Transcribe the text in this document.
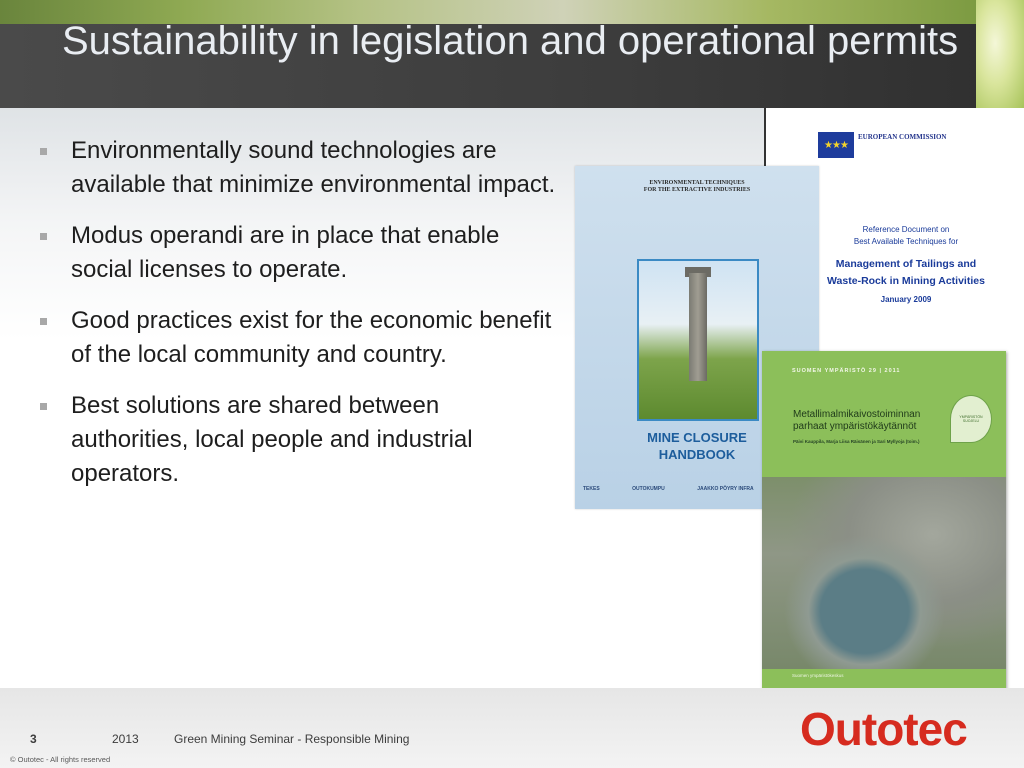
Sustainability in legislation and operational permits
Environmentally sound technologies are available that minimize environmental impact.
Modus operandi are in place that enable social licenses to operate.
Good practices exist for the economic benefit of the local community and country.
Best solutions are shared between authorities, local people and industrial operators.
★★★
EUROPEAN COMMISSION
Reference Document on
Best Available Techniques for
Management of Tailings and
Waste-Rock in Mining Activities
January 2009
ENVIRONMENTAL TECHNIQUES
FOR THE EXTRACTIVE INDUSTRIES
MINE CLOSURE
HANDBOOK
TEKES	OUTOKUMPU	JAAKKO PÖYRY INFRA
SUOMEN YMPÄRISTÖ 29 | 2011
Metallimalmikaivostoiminnan
parhaat ympäristökäytännöt
Päivi Kauppila, Marja Liisa Räisänen ja Sari Myllyoja (toim.)
YMPÄRISTÖN SUOJELU
Suomen ympäristökeskus
3	2013	Green Mining Seminar - Responsible Mining
© Outotec - All rights reserved
Outotec
